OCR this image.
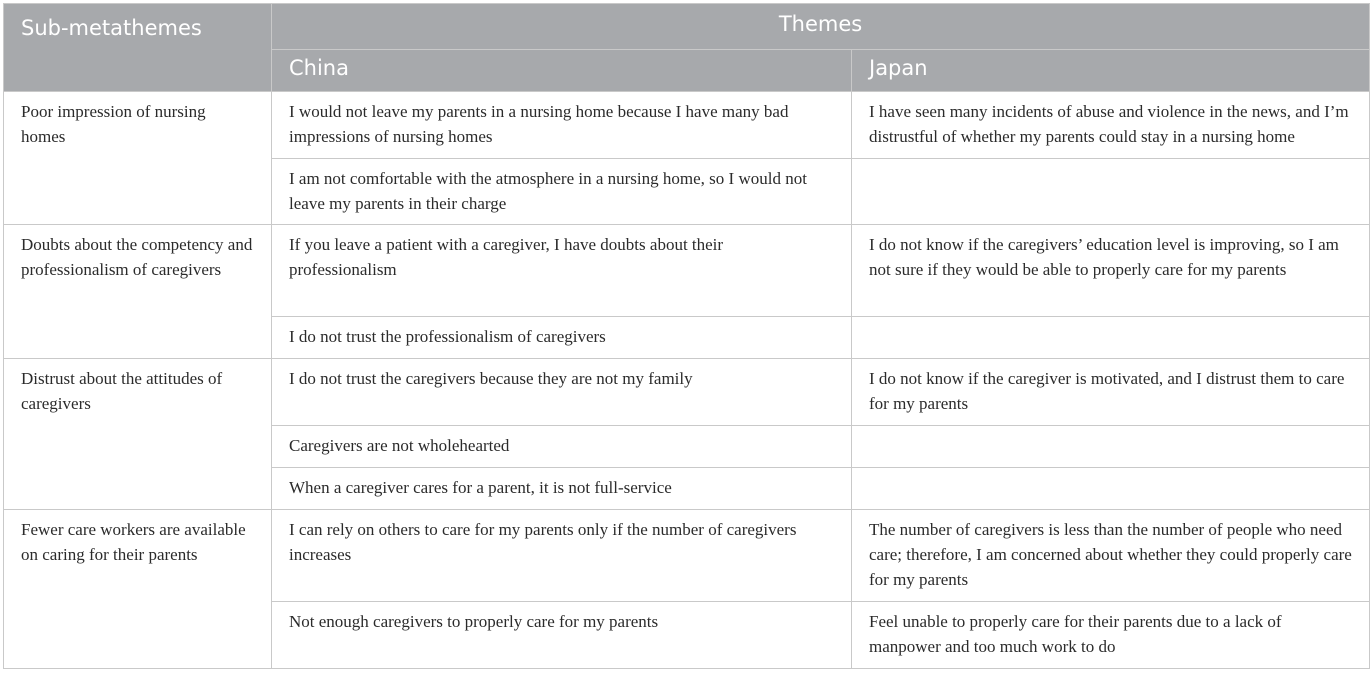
Sub-metathemes	Themes	
	China	Japan
Poor impression of nursing homes	I would not leave my parents in a nursing home because I have many bad impressions of nursing homes	I have seen many incidents of abuse and violence in the news, and I’m distrustful of whether my parents could stay in a nursing home
	I am not comfortable with the atmosphere in a nursing home, so I would not leave my parents in their charge	
Doubts about the competency and professionalism of caregivers	If you leave a patient with a caregiver, I have doubts about their professionalism	I do not know if the caregivers’ education level is improving, so I am not sure if they would be able to properly care for my parents
	I do not trust the professionalism of caregivers	
Distrust about the attitudes of caregivers	I do not trust the caregivers because they are not my family	I do not know if the caregiver is motivated, and I distrust them to care for my parents
	Caregivers are not wholehearted	
	When a caregiver cares for a parent, it is not full-service	
Fewer care workers are available on caring for their parents	I can rely on others to care for my parents only if the number of caregivers increases	The number of caregivers is less than the number of people who need care; therefore, I am concerned about whether they could properly care for my parents
	Not enough caregivers to properly care for my parents	Feel unable to properly care for their parents due to a lack of manpower and too much work to do
